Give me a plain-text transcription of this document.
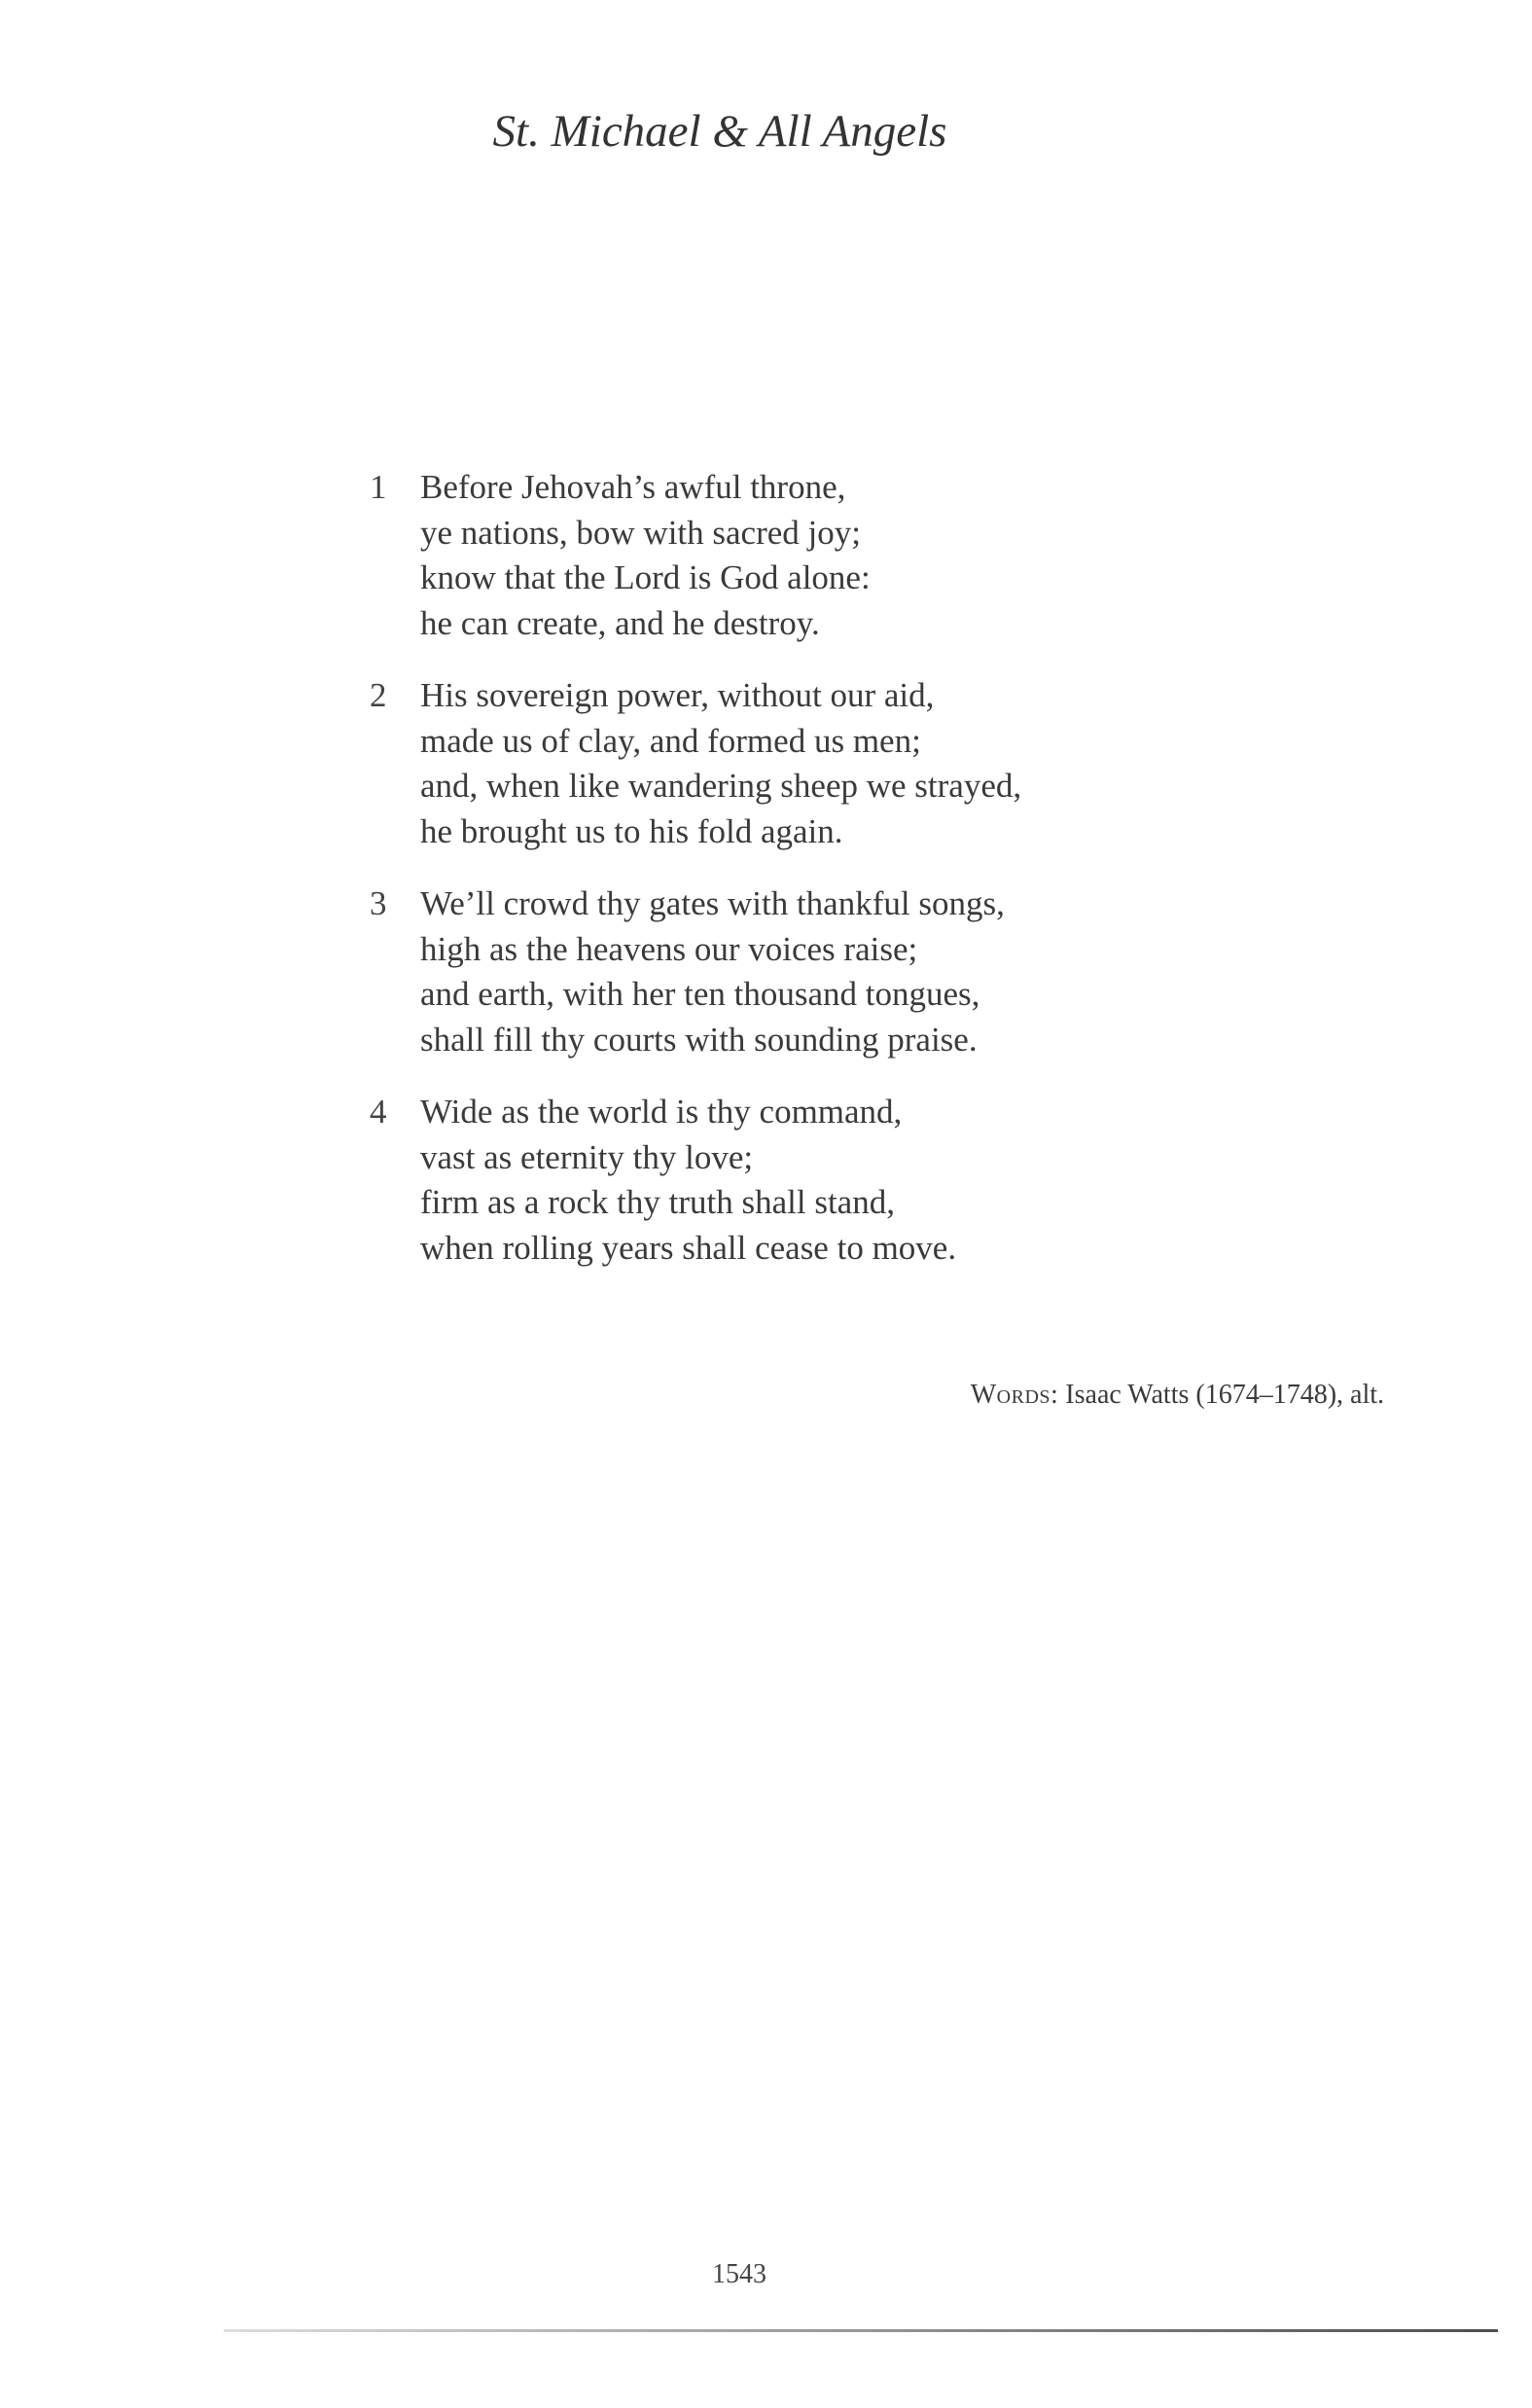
St. Michael & All Angels
1 Before Jehovah’s awful throne,
ye nations, bow with sacred joy;
know that the Lord is God alone:
he can create, and he destroy.
2 His sovereign power, without our aid,
made us of clay, and formed us men;
and, when like wandering sheep we strayed,
he brought us to his fold again.
3 We’ll crowd thy gates with thankful songs,
high as the heavens our voices raise;
and earth, with her ten thousand tongues,
shall fill thy courts with sounding praise.
4 Wide as the world is thy command,
vast as eternity thy love;
firm as a rock thy truth shall stand,
when rolling years shall cease to move.
Words: Isaac Watts (1674–1748), alt.
1543
